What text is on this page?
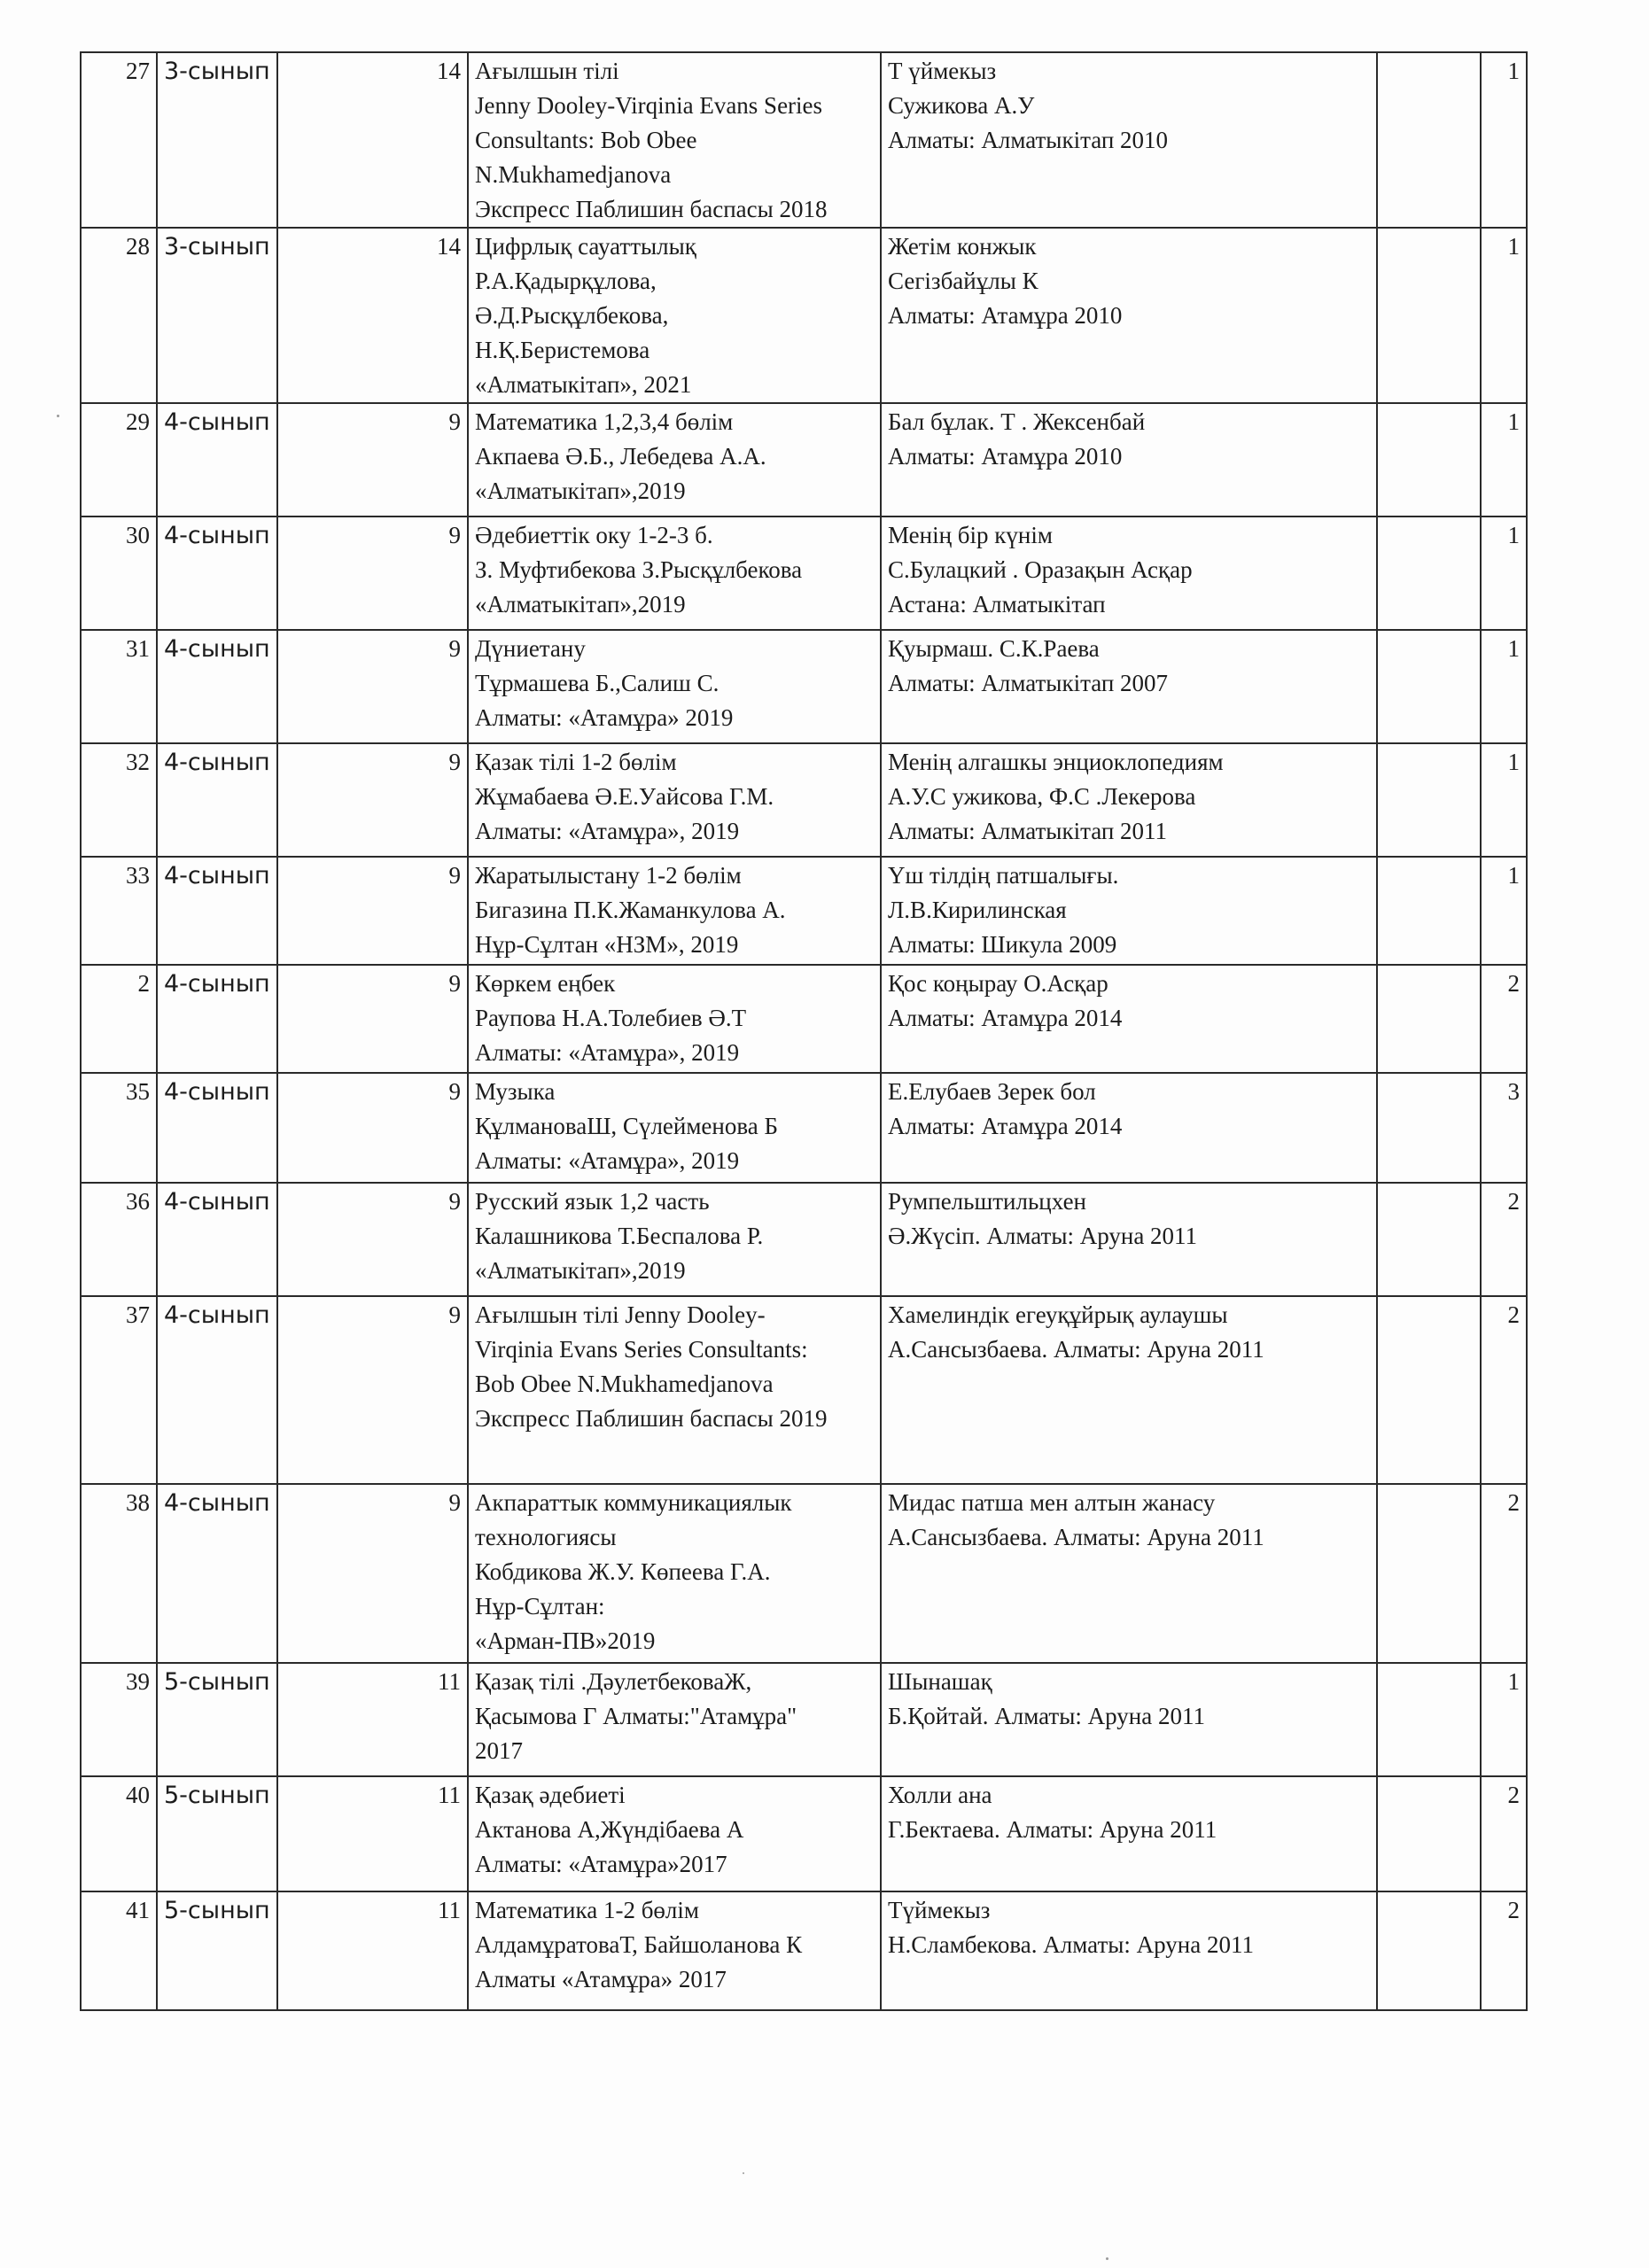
27	3-сынып	14	Ағылшын тілі
Jenny Dooley-Virqinia Evans Series
Consultants: Bob Obee
N.Mukhamedjanova
Экспресс Паблишин баспасы 2018	Т үймекыз
Сужикова А.У
Алматы: Алматыкітап 2010		1
28	3-сынып	14	Цифрлық сауаттылық
Р.А.Қадырқұлова,
Ә.Д.Рысқұлбекова,
Н.Қ.Беристемова
«Алматыкітап», 2021	Жетім конжык
Сегізбайұлы К
Алматы: Атамұра 2010		1
29	4-сынып	9	Математика 1,2,3,4 бөлім
Акпаева Ә.Б., Лебедева А.А.
«Алматыкітап»,2019	Бал бұлак. Т . Жексенбай
Алматы: Атамұра 2010		1
30	4-сынып	9	Әдебиеттік оку 1-2-3 б.
З. Муфтибекова З.Рысқұлбекова
«Алматыкітап»,2019	Менің бір күнім
С.Булацкий . Оразақын Асқар
Астана: Алматыкітап		1
31	4-сынып	9	Дүниетану
Тұрмашева Б.,Салиш С.
Алматы: «Атамұра» 2019	Қуырмаш. С.К.Раева
Алматы: Алматыкітап 2007		1
32	4-сынып	9	Қазак тілі 1-2 бөлім
Жұмабаева Ә.Е.Уайсова Г.М.
Алматы: «Атамұра», 2019	Менің алгашкы энциоклопедиям
А.У.С ужикова, Ф.С .Лекерова
Алматы: Алматыкітап 2011		1
33	4-сынып	9	Жаратылыстану 1-2 бөлім
Бигазина П.К.Жаманкулова А.
Нұр-Сұлтан «НЗМ», 2019	Үш тілдің патшалығы.
Л.В.Кирилинская
Алматы: Шикула 2009		1
2	4-сынып	9	Көркем еңбек
Раупова Н.А.Толебиев Ә.Т
Алматы: «Атамұра», 2019	Қос коңырау О.Асқар
Алматы: Атамұра 2014		2
35	4-сынып	9	Музыка
ҚұлмановаШ, Сүлейменова Б
Алматы: «Атамұра», 2019	Е.Елубаев Зерек бол
Алматы: Атамұра 2014		3
36	4-сынып	9	Русский язык 1,2 часть
Калашникова Т.Беспалова Р.
«Алматыкітап»,2019	Румпельштильцхен
Ә.Жүсіп. Алматы: Аруна 2011		2
37	4-сынып	9	Ағылшын тілі Jenny Dooley-
Virqinia Evans Series Consultants:
Bob Obee N.Mukhamedjanova
Экспресс Паблишин баспасы 2019	Хамелиндік егеуқұйрық аулаушы
А.Сансызбаева. Алматы: Аруна 2011		2
38	4-сынып	9	Акпараттык коммуникациялык
технологиясы
Кобдикова Ж.У. Көпеева Г.А.
Нұр-Сұлтан:
«Арман-ПВ»2019	Мидас патша мен алтын жанасу
А.Сансызбаева. Алматы: Аруна 2011		2
39	5-сынып	11	Қазақ тілі .ДәулетбековаЖ,
Қасымова Г Алматы:"Атамұра"
2017	Шынашақ
Б.Қойтай. Алматы: Аруна 2011		1
40	5-сынып	11	Қазақ әдебиеті
Актанова А,Жүндібаева А
Алматы: «Атамұра»2017	Холли ана
Г.Бектаева. Алматы: Аруна 2011		2
41	5-сынып	11	Математика 1-2 бөлім
АлдамұратоваТ, Байшоланова К
Алматы «Атамұра» 2017	Түймекыз
Н.Сламбекова. Алматы: Аруна 2011		2
